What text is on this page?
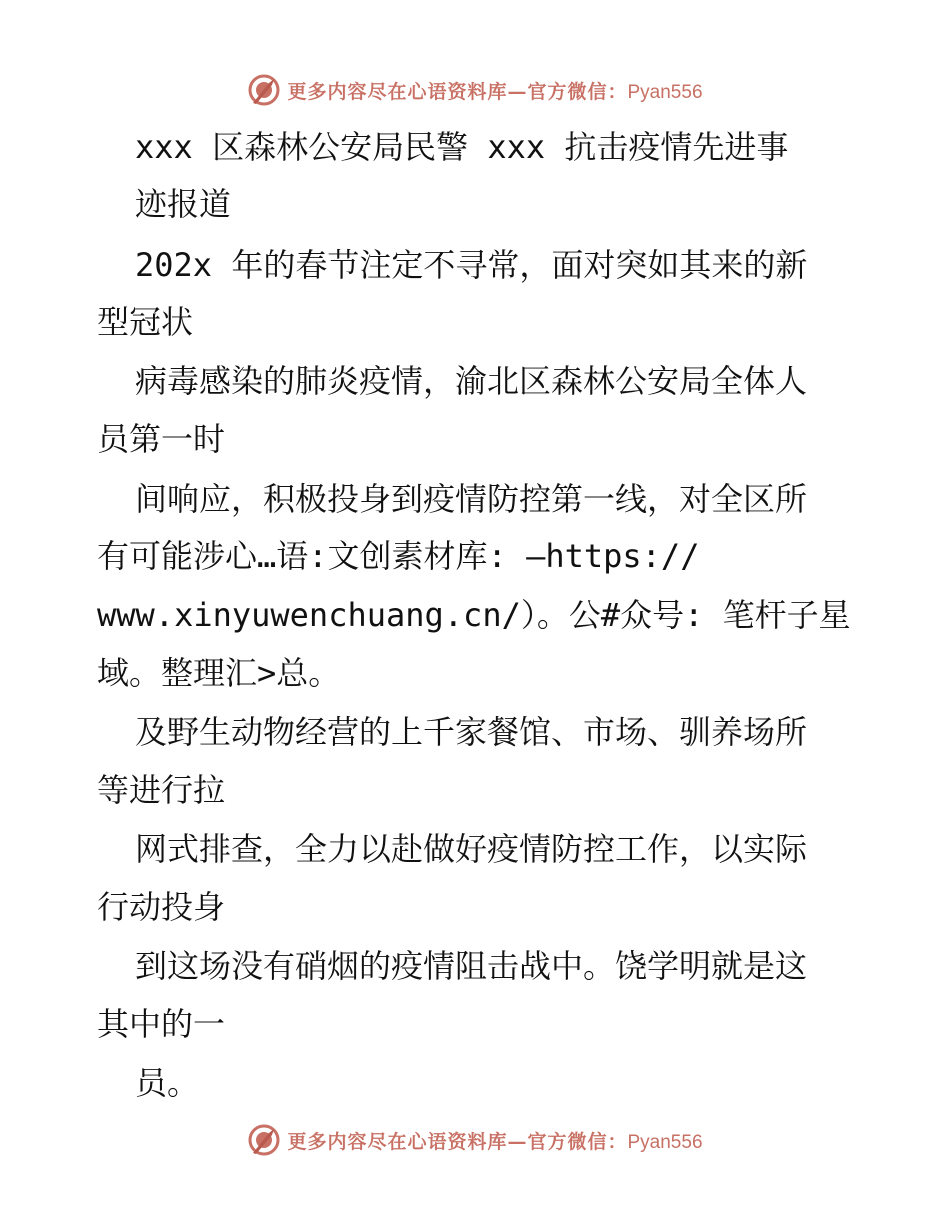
更多内容尽在心语资料库—官方微信：Pyan556
xxx 区森林公安局民警 xxx 抗击疫情先进事
迹报道
202x 年的春节注定不寻常，面对突如其来的新
型冠状
病毒感染的肺炎疫情，渝北区森林公安局全体人
员第一时
间响应，积极投身到疫情防控第一线，对全区所
有可能涉心…语:文创素材库: —https://
www.xinyuwenchuang.cn/）。公#众号: 笔杆子星
域。整理汇>总。
及野生动物经营的上千家餐馆、市场、驯养场所
等进行拉
网式排查，全力以赴做好疫情防控工作，以实际
行动投身
到这场没有硝烟的疫情阻击战中。饶学明就是这
其中的一
员。
更多内容尽在心语资料库—官方微信：Pyan556
